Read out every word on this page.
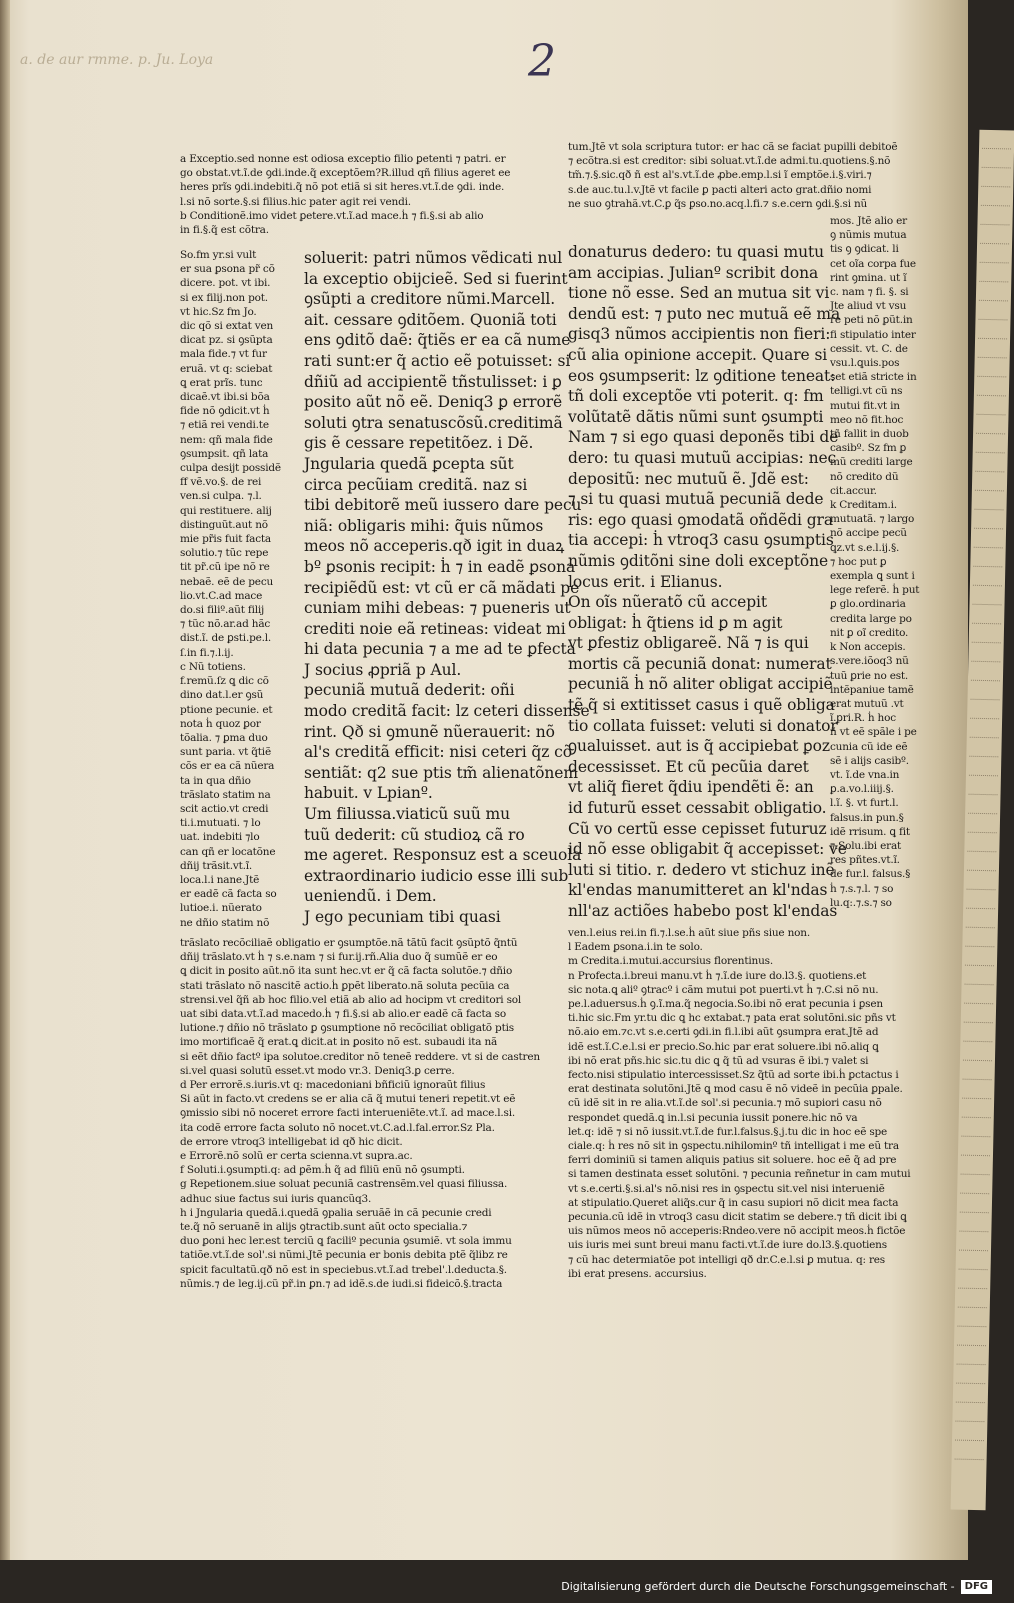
a. de aur rmme. p. Ju. Loya	2
a Exceptio.sed nonne est odiosa exceptio filio ꝑetenti ⁊ patri. er
go obstat.vt.ĩ.de ꝯdi.inde.q̃ exceptõem?R.illud qñ filius ageret ee
heres prĩs ꝯdi.indebiti.q̃ nõ pot etiã si sit heres.vt.ĩ.de ꝯdi. inde.
l.si nõ sorte.§.si filius.hic pater agit rei vendi.
b Conditionẽ.imo videt ꝑetere.vt.ĩ.ad mace.ḣ ⁊ fi.§.si ab alio
in fi.§.q̃ est cõtra.
So.fm yr.si vult
er sua ꝑsona pr̃ cõ
dicere. pot. vt ibi.
si ex filij.non pot.
vt hic.Sz fm Jo.
dic qõ si extat ven
dicat pz. si ꝯsũpta
mala fide.⁊ vt fur
eruã. vt q: sciebat
ꝗ erat prĩs. tunc
dicaẽ.vt ibi.si bõa
fide nõ ꝯdicit.vt ḣ
⁊ etiã rei vendi.te
nem: qñ mala fide
ꝯsumpsit. qñ lata
culpa desijt possidẽ
ff vẽ.vo.§. de rei
ven.si culpa. ⁊.l.
qui restituere. alij
distinguũt.aut nõ
mie pr̃is fuit facta
solutio.⁊ tũc repe
tit pr̃.cũ ipe nõ re
nebaẽ. eẽ de pecu
lio.vt.C.ad mace
do.si filiº.aũt filij
⁊ tũc nõ.ar.ad hãc
dist.ĩ. de ꝑsti.pe.l.
ſ.in fi.⁊.l.ij.
c Nũ totiens.
f.remũ.ſz ꝗ dic cõ
dino dat.l.er ꝯsũ
ptione pecunie. et
nota ḣ quoz ꝑor
tõalia. ⁊ ꝑma duo
sunt paria. vt q̃tiẽ
cõs er ea cã nũera
ta in qua dñio
trãslato statim na
scit actio.vt credi
ti.i.mutuati. ⁊ lo
uat. indebiti ⁊lo
can qñ er locatõne
dñij trãsit.vt.ĩ.
loca.l.i nane.Jtẽ
er eadẽ cã facta so
lutioe.i. nũerato
ne dñio statim nõ
soluerit: patri nũmos vẽdicati nul
la exceptio obijcieẽ. Sed si fuerint
ꝯsũpti a creditore nũmi.Marcell.
ait. cessare ꝯditõem. Quoniã toti
ens ꝯditõ daẽ: q̃tiẽs er ea cã nume
rati sunt:er q̃ actio eẽ potuisset: si
dñiũ ad accipientẽ tñstulisset: i ꝑ
posito aũt nõ eẽ. Deniq3 ꝑ errorẽ
soluti ꝯtra senatuscõsũ.creditimã
gis ẽ cessare repetitõez. i Dẽ.
Jngularia quedã ꝑcepta sũt
circa pecũiam creditã. naz si
tibi debitorẽ meũ iussero dare pecu
niã: obligaris mihi: q̃uis nũmos
meos nõ acceperis.qð igit in duaꝝ
bº ꝑsonis recipit: ḣ ⁊ in eadẽ ꝑsona
recipiẽdũ est: vt cũ er cã mãdati pe
cuniam mihi debeas: ⁊ pueneris ut
crediti noie eã retineas: videat mi
hi data pecunia ⁊ a me ad te ꝑfecta
J socius ꝓpriã p Aul.
pecuniã mutuã dederit: oñi
modo creditã facit: lz ceteri dissense
rint. Qð si ꝯmunẽ nũerauerit: nõ
al's creditã efficit: nisi ceteri q̃z cõ
sentiãt: q2 sue ptis tm̃ alienatõnem
habuit. v Lpianº.
Um filiussa.viaticũ suũ mu
tuũ dederit: cũ studioꝝ cã ro
me ageret. Responsuz est a sceuola
extraordinario iudicio esse illi sub
ueniendũ. i Dem.
J ego pecuniam tibi quasi
tum.Jtẽ vt sola scriptura tutor: er hac cã se faciat pupilli debitoẽ
⁊ ecõtra.si est creditor: sibi soluat.vt.ĩ.de admi.tu.quotiens.§.nõ
tm̃.⁊.§.sic.qð ñ est al's.vt.ĩ.de ꝓbe.emp.l.si ĩ emptõe.i.§.viri.⁊
s.de auc.tu.l.v.Jtẽ vt facile ꝑ pacti alteri acto grat.dñio nomi
ne suo ꝯtrahã.vt.C.ꝑ q̃s ꝑso.no.acq.l.fi.⁊ s.e.cern ꝯdi.§.si nũ
donaturus dedero: tu quasi mutu
am accipias. Julianº scribit dona
tione nõ esse. Sed an mutua sit vi
dendũ est: ⁊ puto nec mutuã eẽ ma
gisq3 nũmos accipientis non fieri:
cũ alia opinione accepit. Quare si
eos ꝯsumpserit: lz ꝯditione teneat:
tñ doli exceptõe vti poterit. q: fm
volũtatẽ dãtis nũmi sunt ꝯsumpti
Nam ⁊ si ego quasi deponẽs tibi de
dero: tu quasi mutuũ accipias: nec
depositũ: nec mutuũ ẽ. Jdẽ est:
⁊ si tu quasi mutuã pecuniã dede
ris: ego quasi ꝯmodatã oñdẽdi gra
tia accepi: ḣ vtroq3 casu ꝯsumptis
nũmis ꝯditõni sine doli exceptõne
locus erit. i Elianus.
On oĩs nũeratõ cũ accepit
obligat: ḣ q̃tiens id ꝑ m agit
vt ꝑfestiz obligareẽ. Nã ⁊ is qui
mortis cã pecuniã donat: numerat
pecuniã ḣ nõ aliter obligat accipiẽ
tẽ q̃ si extitisset casus i quẽ obliga
tio collata fuisset: veluti si donator
ꝯualuisset. aut is q̃ accipiebat ꝑoz
decessisset. Et cũ pecũia daret
vt aliq̃ fieret q̃diu ipendẽti ẽ: an
id futurũ esset cessabit obligatio.
Cũ vo certũ esse cepisset futuruz
id nõ esse obligabit q̃ accepisset: ve
luti si titio. r. dedero vt stichuz inẽ
kl'endas manumitteret an kl'ndas
nll'az actiões habebo post kl'endas
mos. Jtẽ alio er
ꝯ nũmis mutua
tis ꝯ ꝯdicat. li
cet oĩa corpa fue
rint ꝯmina. ut ĩ
c. nam ⁊ fi. §. si
Jte aliud vt vsu
re peti nõ ꝑũt.in
fi stipulatio inter
cessit. vt. C. de
vsu.l.ꝗuis.pos
set etiã stricte in
telligi.vt cũ ns
mutui fit.vt in
meo nõ fit.hoc
tñ fallit in duob
casibº. Sz fm ꝑ
mũ crediti large
nõ credito dũ
cit.accur.
k Creditam.i.
mutuatã. ⁊ largo
nõ accipe pecũ
ꝗz.vt s.e.l.ij.§.
⁊ hoc put ꝑ
exempla ꝗ sunt i
lege referẽ. ḣ put
ꝑ glo.ordinaria
credita large po
nit ꝑ oĩ credito.
k Non accepis.
s.vere.iõoq3 nũ
tuũ ꝑrie no est.
intẽpaniue tamẽ
erat mutuũ .vt
ĩ.ꝑri.R. ḣ hoc
ñ vt eẽ spãle i pe
cunia cũ ide eẽ
sẽ i alijs casibº.
vt. ĩ.de vna.in
ꝑ.a.vo.l.iiij.§.
l.ĩ. §. vt furt.l.
falsus.in pun.§
idẽ rrisum. ꝗ fit
⁊.Solu.ibi erat
res pñtes.vt.ĩ.
de fur.l. falsus.§
ḣ ⁊.s.⁊.l. ⁊ so
lu.q:.⁊.s.⁊ so
trãslato recõciliaẽ obligatio er ꝯsumptõe.nã tãtũ facit ꝯsũptõ q̃ntũ
dñij trãslato.vt ḣ ⁊ s.e.nam ⁊ si fur.ij.rñ.Alia duo q̃ sumũẽ er eo
ꝗ dicit in ꝑosito aũt.nõ ita sunt hec.vt er q̃ cã facta solutõe.⁊ dñio
stati trãslato nõ nascitẽ actio.ḣ ꝑpẽt liberato.nã soluta pecũia ca
strensi.vel q̃ñ ab hoc filio.vel etiã ab alio ad hocipm vt creditori sol
uat sibi data.vt.ĩ.ad macedo.ḣ ⁊ fi.§.si ab alio.er eadẽ cã facta so
lutione.⁊ dñio nõ trãslato ꝑ ꝯsumptione nõ recõciliat obligatõ ptis
imo mortificaẽ q̃ erat.ꝗ dicit.at in ꝑosito nõ est. subaudi ita nã
si eẽt dñio factº ipa solutoe.creditor nõ teneẽ reddere. vt si de castren
si.vel quasi solutũ esset.vt modo vr.3. Deniq3.ꝑ cerre.
d Per errorẽ.s.iuris.vt q: macedoniani bñficiũ ignoraũt filius
Si aũt in facto.vt credens se er alia cã q̃ mutui teneri repetit.vt eẽ
ꝯmissio sibi nõ noceret errore facti interueniẽte.vt.ĩ. ad mace.l.si.
ita codẽ errore facta soluto nõ nocet.vt.C.ad.l.fal.error.Sz Pla.
de errore vtroq3 intelligebat id qð hic dicit.
e Errorẽ.nõ solũ er certa scienna.vt supra.ac.
f Soluti.i.ꝯsumpti.q: ad ꝑẽm.ḣ q̃ ad filiũ enũ nõ ꝯsumpti.
g Repetionem.siue soluat pecuniã castrensẽm.vel quasi filiussa.
adhuc siue factus sui iuris quancũq3.
h i Jngularia quedã.i.quedã ꝯpalia seruãẽ in cã pecunie credi
te.q̃ nõ seruanẽ in alijs ꝯtractib.sunt aũt octo specialia.⁊
duo ꝑoni hec ler.est terciũ ꝗ faciliº pecunia ꝯsumiẽ. vt sola immu
tatiõe.vt.ĩ.de sol'.si nũmi.Jtẽ pecunia er bonis debita ptẽ q̃libz re
spicit facultatũ.qð nõ est in speciebus.vt.ĩ.ad trebel'.l.deducta.§.
nũmis.⁊ de leg.ij.cũ pr̃.in ꝑn.⁊ ad idẽ.s.de iudi.si fideicõ.§.tracta
ven.l.eius rei.in fi.⁊.l.se.ḣ aũt siue pñs siue non.
l Eadem ꝑsona.i.in te solo.
m Credita.i.mutui.accursius florentinus.
n Profecta.i.breui manu.vt ḣ ⁊.ĩ.de iure do.l3.§. quotiens.et
sic nota.ꝗ aliº ꝯtracº i cãm mutui pot puerti.vt ḣ ⁊.C.si nõ nu.
pe.l.aduersus.ḣ ꝯ.ĩ.ma.q̃ negocia.So.ibi nõ erat pecunia i ꝑsen
ti.hic sic.Fm yr.tu dic ꝗ hc extabat.⁊ pata erat solutõni.sic pñs vt
nõ.aio em.⁊c.vt s.e.certi ꝯdi.in fi.l.ibi aũt ꝯsumpra erat.Jtẽ ad
idẽ est.ĩ.C.e.l.si er precio.So.hic par erat soluere.ibi nõ.aliq ꝗ
ibi nõ erat pñs.hic sic.tu dic ꝗ q̃ tũ ad vsuras ẽ ibi.⁊ valet si
fecto.nisi stipulatio intercessisset.Sz q̃tũ ad sorte ibi.ḣ ꝑctactus i
erat destinata solutõni.Jtẽ ꝗ mod casu ẽ nõ videẽ in pecũia ꝑpale.
cũ idẽ sit in re alia.vt.ĩ.de sol'.si pecunia.⁊ mõ supiori casu nõ
respondet quedã.ꝗ in.l.si pecunia iussit ponere.hic nõ va
let.q: idẽ ⁊ si nõ iussit.vt.ĩ.de fur.l.falsus.§.j.tu dic in hoc eẽ spe
ciale.q: ḣ res nõ sit in ꝯspectu.nihilominº tñ intelligat i me eũ tra
ferri dominiũ si tamen aliquis patius sit soluere. hoc eẽ q̃ ad pre
si tamen destinata esset solutõni. ⁊ pecunia reñnetur in cam mutui
vt s.e.certi.§.si.al's nõ.nisi res in ꝯspectu sit.vel nisi interueniẽ
at stipulatio.Queret aliq̃s.cur q̃ in casu supiori nõ dicit mea facta
pecunia.cũ idẽ in vtroq3 casu dicit statim se debere.⁊ tñ dicit ibi ꝗ
uis nũmos meos nõ acceperis:Rndeo.vere nõ accipit meos.ḣ fictõe
uis iuris mei sunt breui manu facti.vt.ĩ.de iure do.l3.§.quotiens
⁊ cũ hac determiatõe pot intelligi qð dr.C.e.l.si ꝑ mutua. q: res
ibi erat presens. accursius.
Digitalisierung gefördert durch die Deutsche Forschungsgemeinschaft - DFG
